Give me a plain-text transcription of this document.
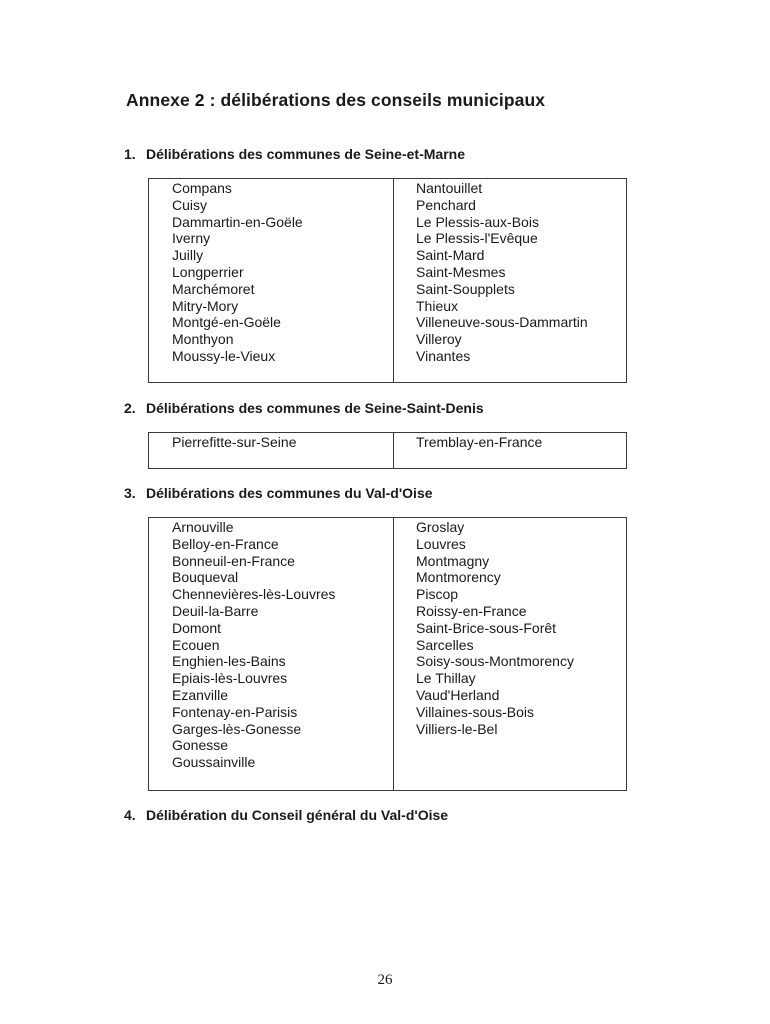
Annexe 2 : délibérations des conseils municipaux
1. Délibérations des communes de Seine-et-Marne
Compans
Cuisy
Dammartin-en-Goële
Iverny
Juilly
Longperrier
Marchémoret
Mitry-Mory
Montgé-en-Goële
Monthyon
Moussy-le-Vieux
Nantouillet
Penchard
Le Plessis-aux-Bois
Le Plessis-l'Evêque
Saint-Mard
Saint-Mesmes
Saint-Soupplets
Thieux
Villeneuve-sous-Dammartin
Villeroy
Vinantes
2. Délibérations des communes de Seine-Saint-Denis
Pierrefitte-sur-Seine	Tremblay-en-France
3. Délibérations des communes du Val-d'Oise
Arnouville
Belloy-en-France
Bonneuil-en-France
Bouqueval
Chennevières-lès-Louvres
Deuil-la-Barre
Domont
Ecouen
Enghien-les-Bains
Epiais-lès-Louvres
Ezanville
Fontenay-en-Parisis
Garges-lès-Gonesse
Gonesse
Goussainville
Groslay
Louvres
Montmagny
Montmorency
Piscop
Roissy-en-France
Saint-Brice-sous-Forêt
Sarcelles
Soisy-sous-Montmorency
Le Thillay
Vaud'Herland
Villaines-sous-Bois
Villiers-le-Bel
4. Délibération du Conseil général du Val-d'Oise
26
